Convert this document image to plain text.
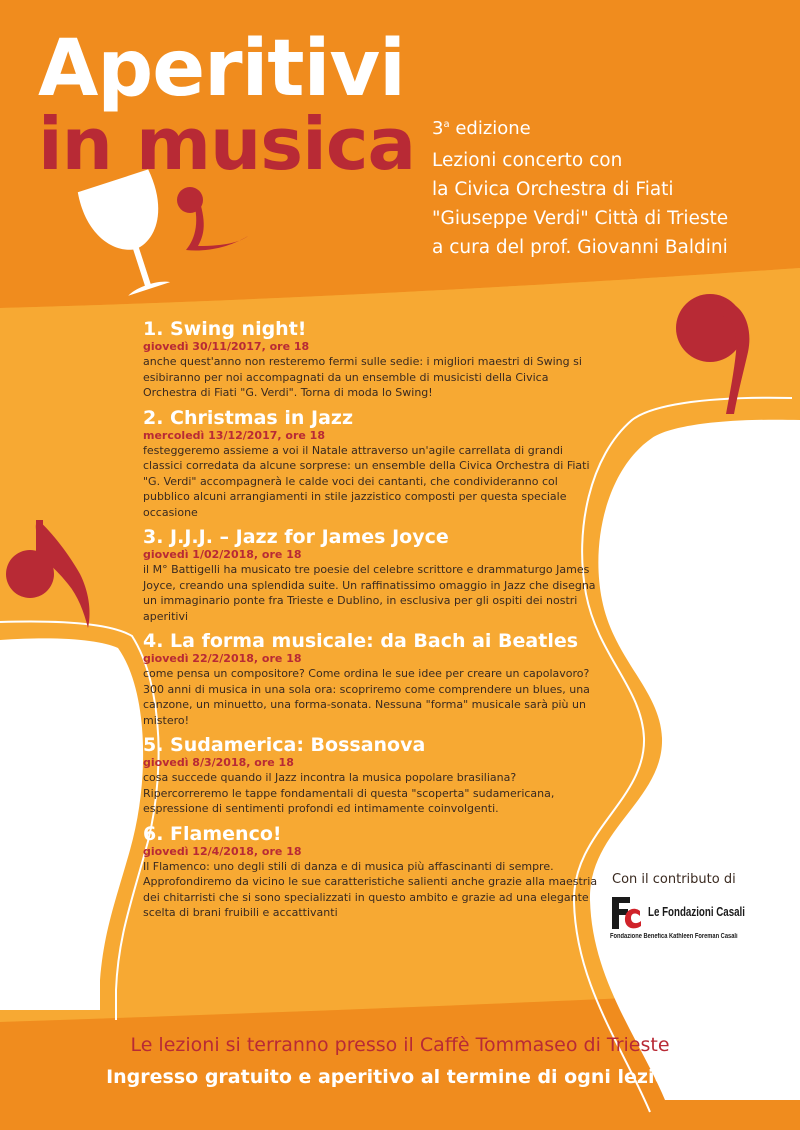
Aperitivi
in musica 3$^a$ edizione
Lezioni concerto con
la Civica Orchestra di Fiati
"Giuseppe Verdi" Città di Trieste
a cura del prof. Giovanni Baldini
1. Swing night!
giovedì 30/11/2017, ore 18
anche quest'anno non resteremo fermi sulle sedie: i migliori maestri di Swing si esibiranno per noi accompagnati da un ensemble di musicisti della Civica Orchestra di Fiati "G. Verdi". Torna di moda lo Swing!
2. Christmas in Jazz
mercoledì 13/12/2017, ore 18
festeggeremo assieme a voi il Natale attraverso un'agile carrellata di grandi classici corredata da alcune sorprese: un ensemble della Civica Orchestra di Fiati "G. Verdi" accompagnerà le calde voci dei cantanti, che condivideranno col pubblico alcuni arrangiamenti in stile jazzistico composti per questa speciale occasione
3. J.J.J. – Jazz for James Joyce
giovedì 1/02/2018, ore 18
il M° Battigelli ha musicato tre poesie del celebre scrittore e drammaturgo James Joyce, creando una splendida suite. Un raffinatissimo omaggio in Jazz che disegna un immaginario ponte fra Trieste e Dublino, in esclusiva per gli ospiti dei nostri aperitivi
4. La forma musicale: da Bach ai Beatles
giovedì 22/2/2018, ore 18
come pensa un compositore? Come ordina le sue idee per creare un capolavoro? 300 anni di musica in una sola ora: scopriremo come comprendere un blues, una canzone, un minuetto, una forma-sonata. Nessuna "forma" musicale sarà più un mistero!
5. Sudamerica: Bossanova
giovedì 8/3/2018, ore 18
cosa succede quando il Jazz incontra la musica popolare brasiliana? Ripercorreremo le tappe fondamentali di questa "scoperta" sudamericana, espressione di sentimenti profondi ed intimamente coinvolgenti.
6. Flamenco!
giovedì 12/4/2018, ore 18
Il Flamenco: uno degli stili di danza e di musica più affascinanti di sempre. Approfondiremo da vicino le sue caratteristiche salienti anche grazie alla maestria dei chitarristi che si sono specializzati in questo ambito e grazie ad una elegante scelta di brani fruibili e accattivanti
Con il contributo di
Le Fondazioni Casali
Fondazione Benefica Kathleen Foreman Casali
Le lezioni si terranno presso il Caffè Tommaseo di Trieste
Ingresso gratuito e aperitivo al termine di ogni lezione
